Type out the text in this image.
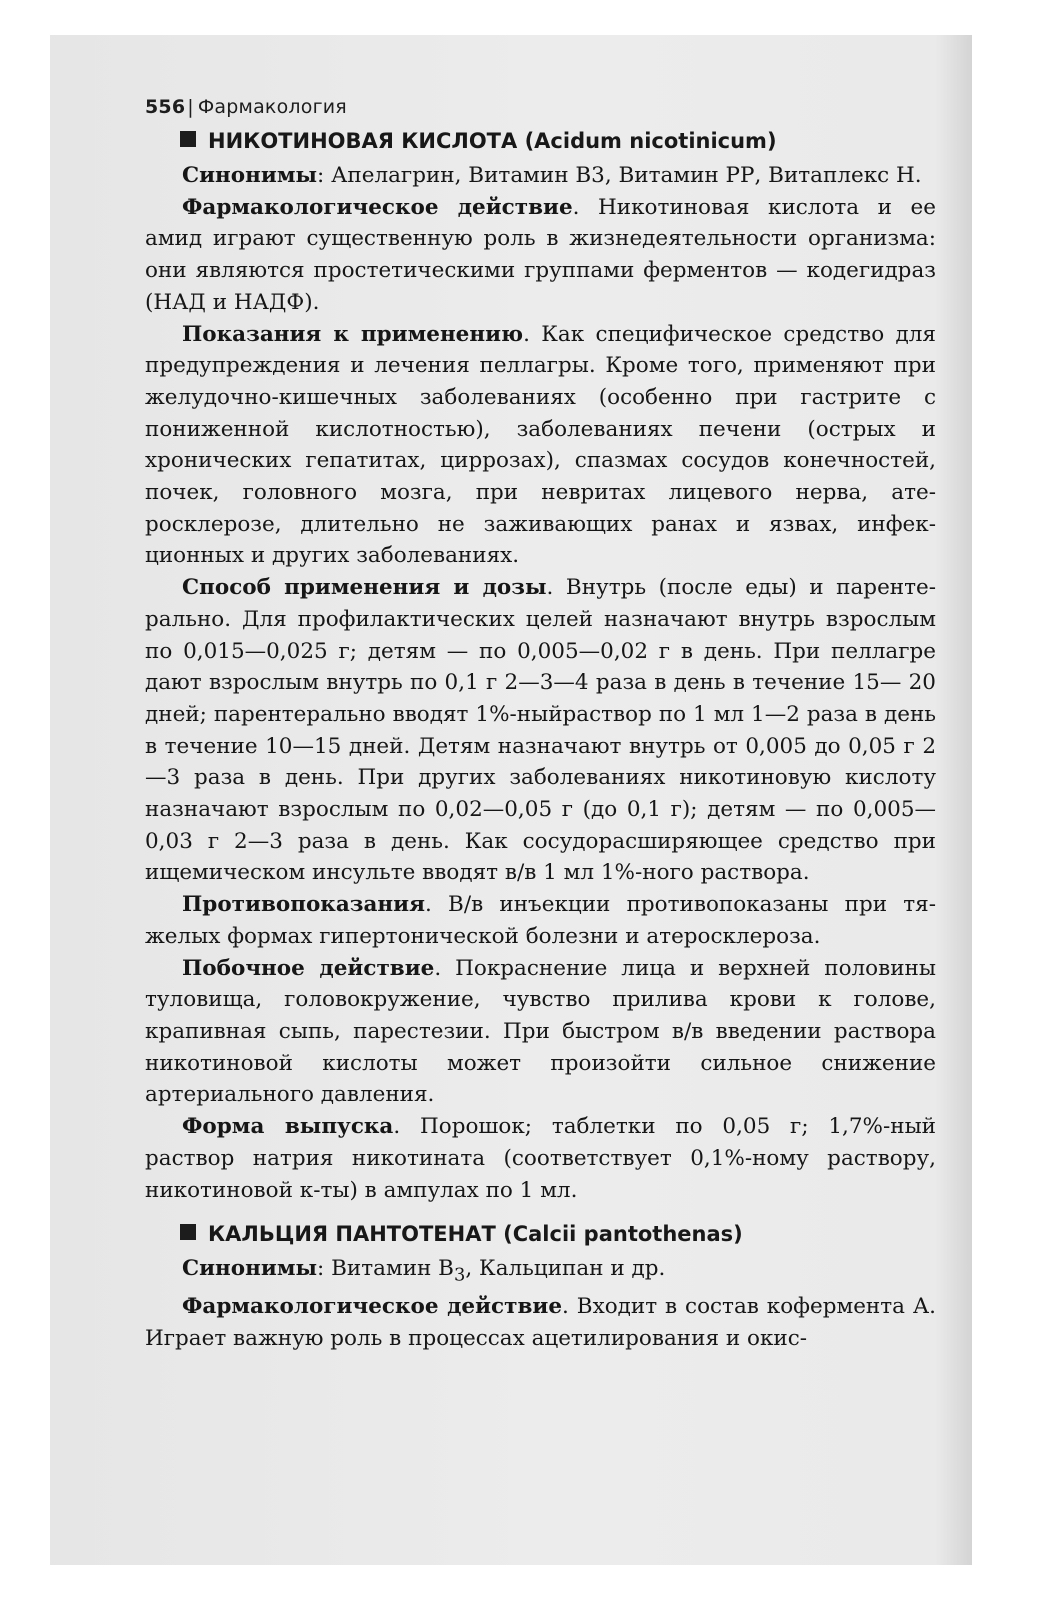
556 | Фармакология
НИКОТИНОВАЯ КИСЛОТА (Acidum nicotinicum)

Синонимы: Апелагрин, Витамин В3, Витамин РР, Витаплекс Н.

Фармакологическое действие. Никотиновая кислота и ее амид играют существенную роль в жизнедеятельности организма: они являются простетическими группами ферментов — кодегидраз (НАД и НАДФ).

Показания к применению. Как специфическое средство для предупреждения и лечения пеллагры. Кроме того, применяют при желудочно-кишечных заболеваниях (особенно при гастрите с пониженной кислотностью), заболеваниях печени (острых и хронических гепатитах, циррозах), спазмах сосудов конечностей, почек, головного мозга, при невритах лицевого нерва, атеросклерозе, длительно не заживающих ранах и язвах, инфекционных и других заболеваниях.

Способ применения и дозы. Внутрь (после еды) и парентерально. Для профилактических целей назначают внутрь взрослым по 0,015—0,025 г; детям — по 0,005—0,02 г в день. При пеллагре дают взрослым внутрь по 0,1 г 2—3—4 раза в день в течение 15— 20 дней; парентерально вводят 1%-ныйраствор по 1 мл 1—2 раза в день в течение 10—15 дней. Детям назначают внутрь от 0,005 до 0,05 г 2—3 раза в день. При других заболеваниях никотиновую кислоту назначают взрослым по 0,02—0,05 г (до 0,1 г); детям — по 0,005—0,03 г 2—3 раза в день. Как сосудорасширяющее средство при ищемическом инсульте вводят в/в 1 мл 1%-ного раствора.

Противопоказания. В/в инъекции противопоказаны при тяжелых формах гипертонической болезни и атеросклероза.

Побочное действие. Покраснение лица и верхней половины туловища, головокружение, чувство прилива крови к голове, крапивная сыпь, парестезии. При быстром в/в введении раствора никотиновой кислоты может произойти сильное снижение артериального давления.

Форма выпуска. Порошок; таблетки по 0,05 г; 1,7%-ный раствор натрия никотината (соответствует 0,1%-ному раствору, никотиновой к-ты) в ампулах по 1 мл.

КАЛЬЦИЯ ПАНТОТЕНАТ (Calcii pantothenas)

Синонимы: Витамин $В_3$, Кальципан и др.

Фармакологическое действие. Входит в состав кофермента А. Играет важную роль в процессах ацетилирования и окис-
